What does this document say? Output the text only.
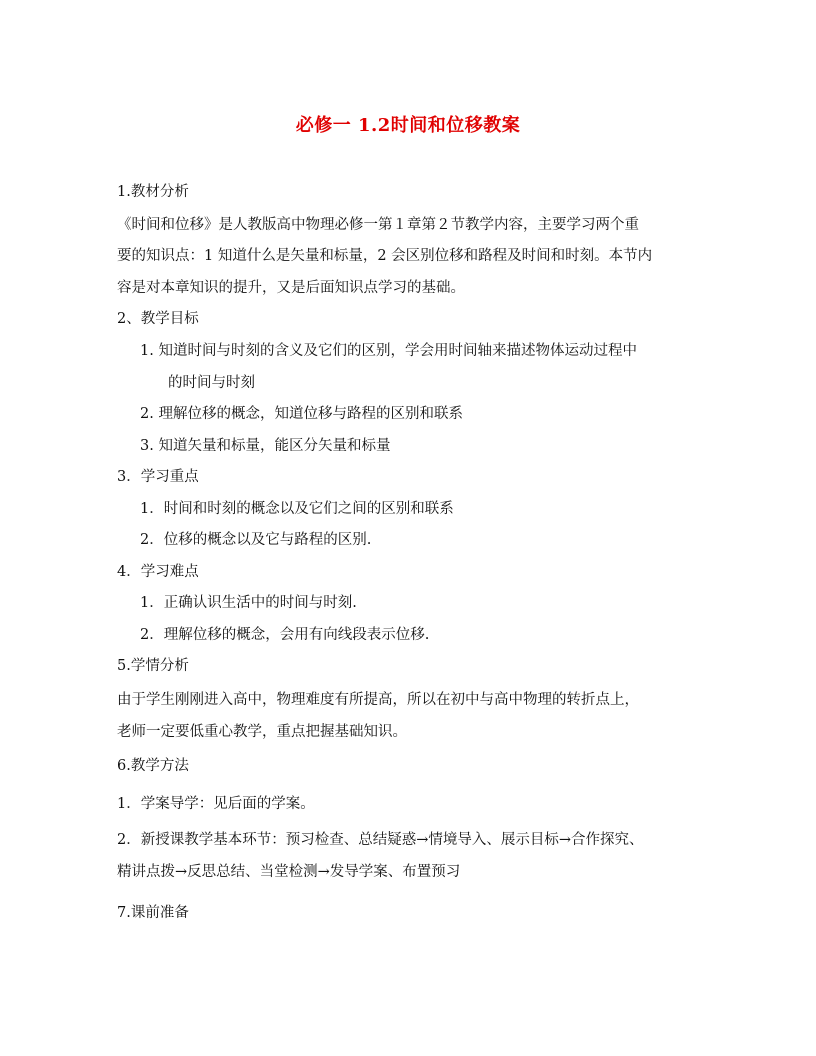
必修一 1.2时间和位移教案
1.教材分析
《时间和位移》是人教版高中物理必修一第１章第２节教学内容，主要学习两个重
要的知识点：1 知道什么是矢量和标量，2 会区别位移和路程及时间和时刻。本节内
容是对本章知识的提升，又是后面知识点学习的基础。
2、教学目标
1. 知道时间与时刻的含义及它们的区别，学会用时间轴来描述物体运动过程中
的时间与时刻
2. 理解位移的概念，知道位移与路程的区别和联系
3. 知道矢量和标量，能区分矢量和标量
3．学习重点
1．时间和时刻的概念以及它们之间的区别和联系
2．位移的概念以及它与路程的区别.
4．学习难点
1．正确认识生活中的时间与时刻.
2．理解位移的概念，会用有向线段表示位移.
5.学情分析
由于学生刚刚进入高中，物理难度有所提高，所以在初中与高中物理的转折点上，
老师一定要低重心教学，重点把握基础知识。
6.教学方法
1．学案导学：见后面的学案。
2．新授课教学基本环节：预习检查、总结疑惑→情境导入、展示目标→合作探究、
精讲点拨→反思总结、当堂检测→发导学案、布置预习
7.课前准备
